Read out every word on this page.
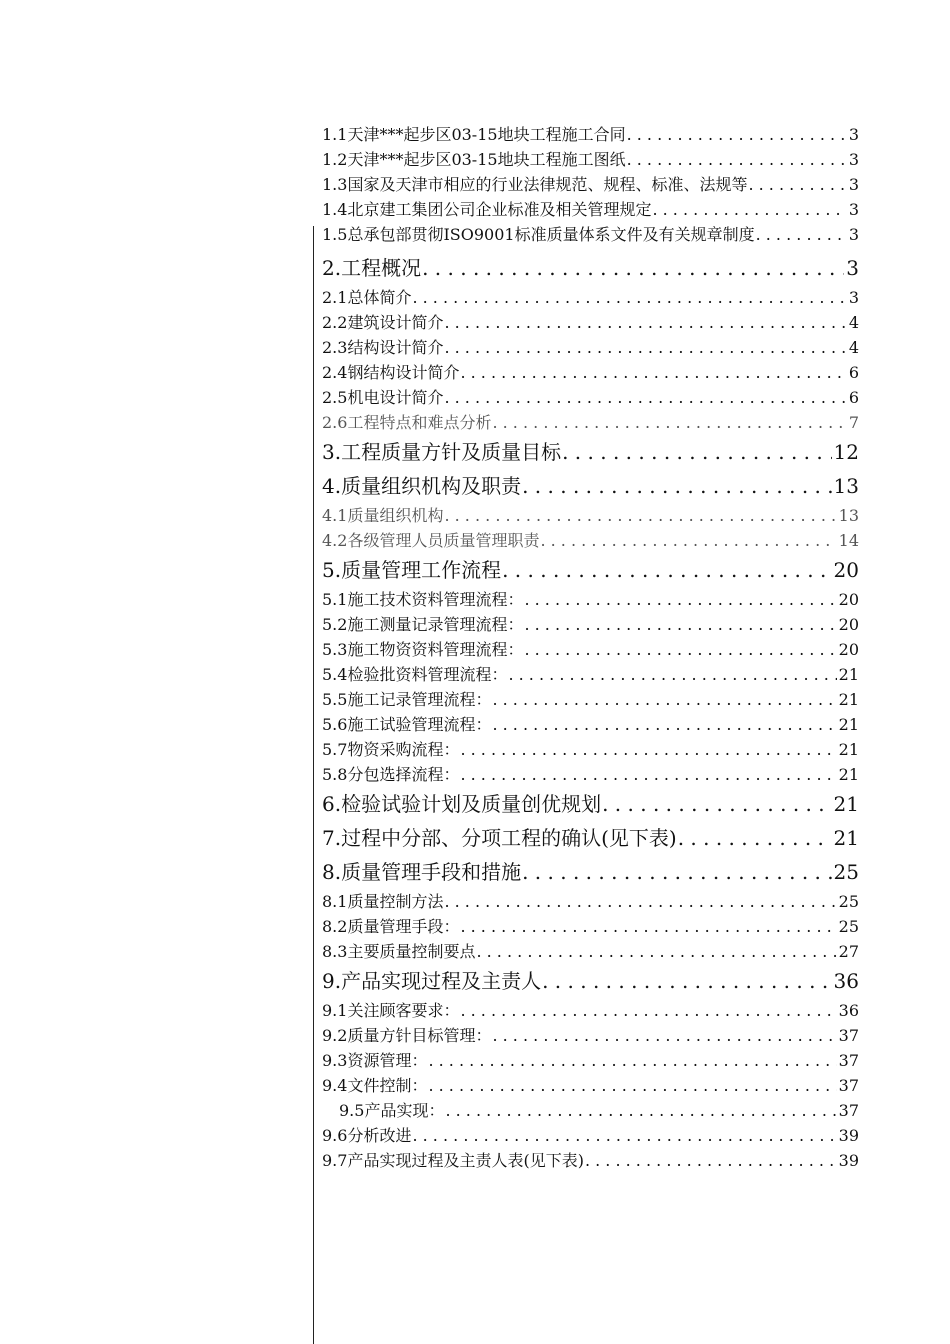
1.1天津***起步区03-15地块工程施工合同 . . .	3
1.2天津***起步区03-15地块工程施工图纸 . . .	3
1.3国家及天津市相应的行业法律规范、规程、标准、法规等 . . .	3
1.4北京建工集团公司企业标准及相关管理规定 . . .	3
1.5总承包部贯彻ISO9001标准质量体系文件及有关规章制度 . . .	3
2.工程概况 . . .	3
2.1总体简介 . . .	3
2.2建筑设计简介 . . .	4
2.3结构设计简介 . . .	4
2.4钢结构设计简介 . . .	6
2.5机电设计简介 . . .	6
2.6工程特点和难点分析 . . .	7
3.工程质量方针及质量目标 . . .	12
4.质量组织机构及职责 . . .	13
4.1质量组织机构 . . .	13
4.2各级管理人员质量管理职责 . . .	14
5.质量管理工作流程 . . .	20
5.1施工技术资料管理流程： . . .	20
5.2施工测量记录管理流程： . . .	20
5.3施工物资资料管理流程： . . .	20
5.4检验批资料管理流程： . . .	21
5.5施工记录管理流程： . . .	21
5.6施工试验管理流程： . . .	21
5.7物资采购流程： . . .	21
5.8分包选择流程： . . .	21
6.检验试验计划及质量创优规划 . . .	21
7.过程中分部、分项工程的确认(见下表) . . .	21
8.质量管理手段和措施 . . .	25
8.1质量控制方法 . . .	25
8.2质量管理手段： . . .	25
8.3主要质量控制要点 . . .	27
9.产品实现过程及主责人 . . .	36
9.1关注顾客要求： . . .	36
9.2质量方针目标管理： . . .	37
9.3资源管理： . . .	37
9.4文件控制： . . .	37
9.5产品实现： . . .	37
9.6分析改进 . . .	39
9.7产品实现过程及主责人表(见下表) . . .	39
